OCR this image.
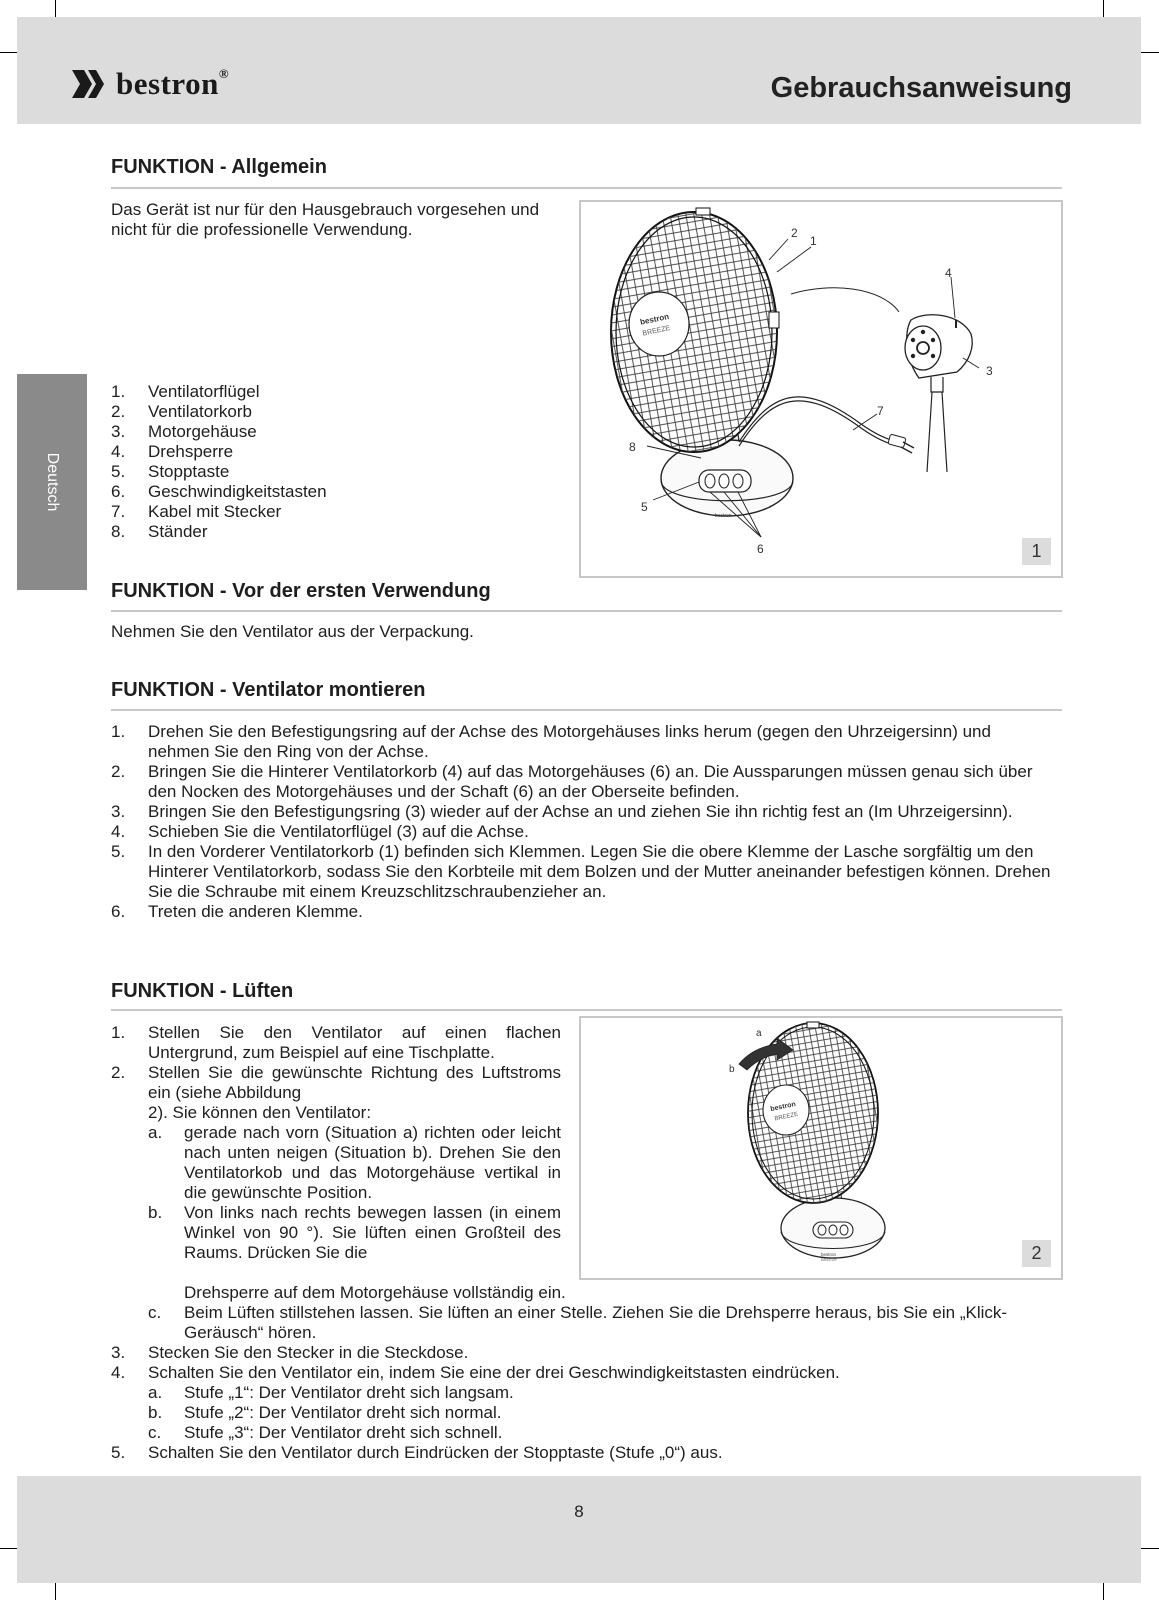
bestron®	Gebrauchsanweisung
Deutsch
FUNKTION - Allgemein
Das Gerät ist nur für den Hausgebrauch vorgesehen und nicht für die professionelle Verwendung.
1. Ventilatorflügel
2. Ventilatorkorb
3. Motorgehäuse
4. Drehsperre
5. Stopptaste
6. Geschwindigkeitstasten
7. Kabel mit Stecker
8. Ständer
bestron
bestron
BREEZE
1
2
3
4
5
6
7
8
1
FUNKTION - Vor der ersten Verwendung
Nehmen Sie den Ventilator aus der Verpackung.
FUNKTION - Ventilator montieren
1. Drehen Sie den Befestigungsring auf der Achse des Motorgehäuses links herum (gegen den Uhrzeigersinn) und nehmen Sie den Ring von der Achse.
2. Bringen Sie die Hinterer Ventilatorkorb (4) auf das Motorgehäuses (6) an. Die Aussparungen müssen genau sich über den Nocken des Motorgehäuses und der Schaft (6) an der Oberseite befinden.
3. Bringen Sie den Befestigungsring (3) wieder auf der Achse an und ziehen Sie ihn richtig fest an (Im Uhrzeigersinn).
4. Schieben Sie die Ventilatorflügel (3) auf die Achse.
5. In den Vorderer Ventilatorkorb (1) befinden sich Klemmen. Legen Sie die obere Klemme der Lasche sorgfältig um den Hinterer Ventilatorkorb, sodass Sie den Korbteile mit dem Bolzen und der Mutter aneinander befestigen können. Drehen Sie die Schraube mit einem Kreuzschlitzschraubenzieher an.
6. Treten die anderen Klemme.
FUNKTION - Lüften
1. Stellen Sie den Ventilator auf einen flachen Untergrund, zum Beispiel auf eine Tischplatte.
2. Stellen Sie die gewünschte Richtung des Luftstroms ein (siehe Abbildung
2). Sie können den Ventilator:
a. gerade nach vorn (Situation a) richten oder leicht nach unten neigen (Situation b). Drehen Sie den Ventilatorkob und das Motorgehäuse vertikal in die gewünschte Position.
b. Von links nach rechts bewegen lassen (in einem Winkel von 90 °). Sie lüften einen Großteil des Raums. Drücken Sie die
Drehsperre auf dem Motorgehäuse vollständig ein.
c. Beim Lüften stillstehen lassen. Sie lüften an einer Stelle. Ziehen Sie die Drehsperre heraus, bis Sie ein „Klick-Geräusch“ hören.
3. Stecken Sie den Stecker in die Steckdose.
4. Schalten Sie den Ventilator ein, indem Sie eine der drei Geschwindigkeitstasten eindrücken.
a. Stufe „1“: Der Ventilator dreht sich langsam.
b. Stufe „2“: Der Ventilator dreht sich normal.
c. Stufe „3“: Der Ventilator dreht sich schnell.
5. Schalten Sie den Ventilator durch Eindrücken der Stopptaste (Stufe „0“) aus.
bestron
BREEZE
bestron
BREEZE
a
b
2
8
